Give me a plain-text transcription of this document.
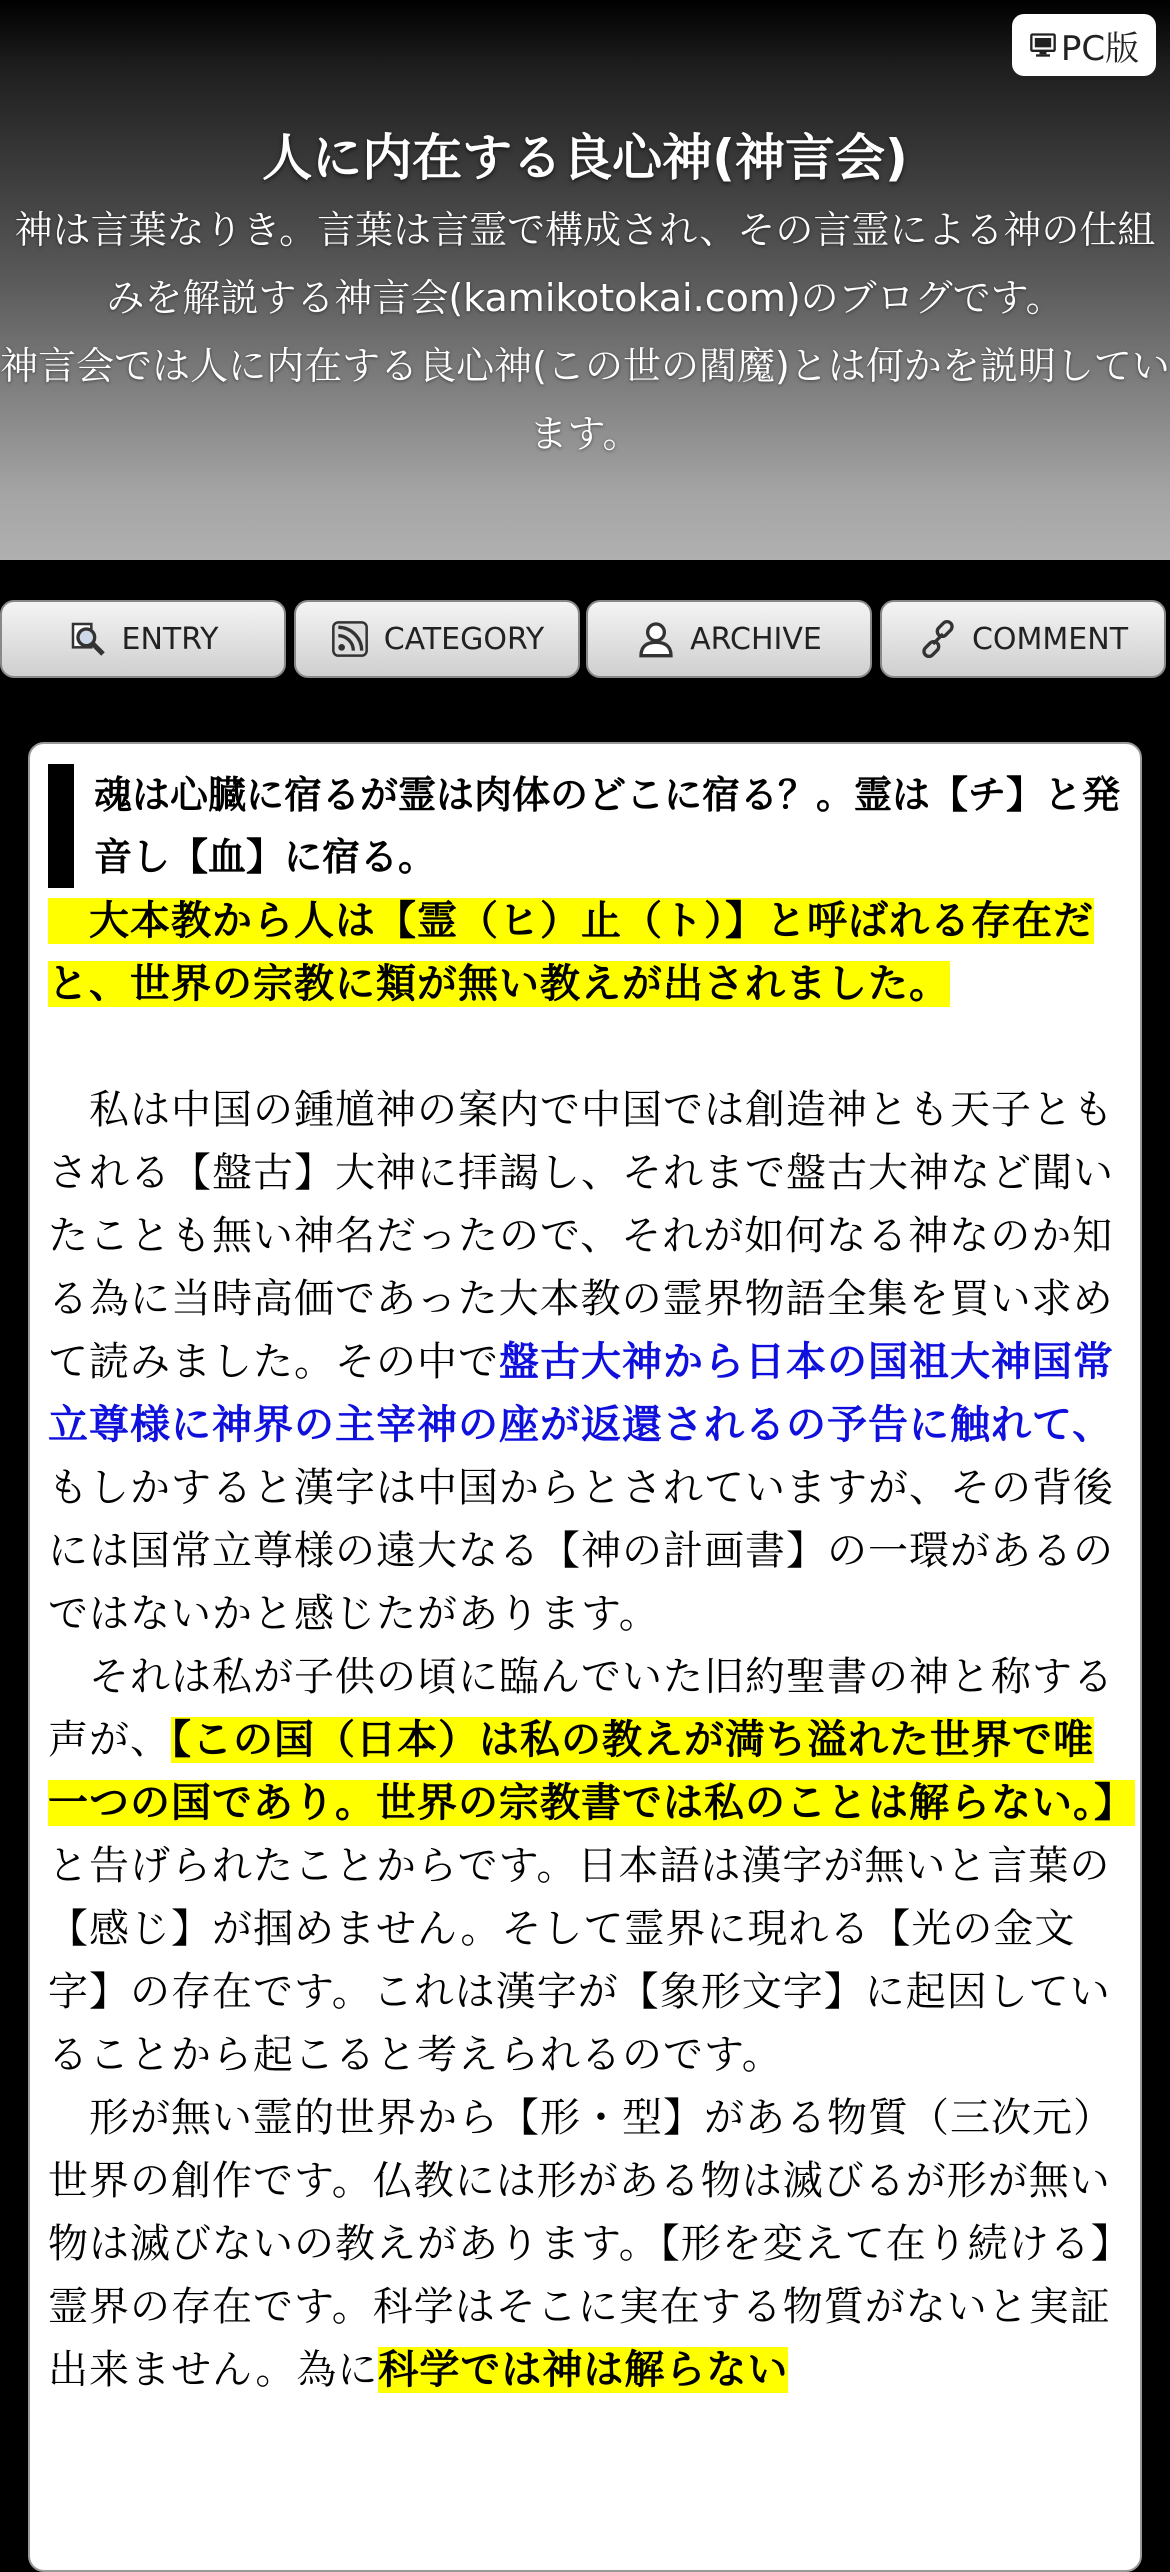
PC版
人に内在する良心神(神言会)
神は言葉なりき。言葉は言霊で構成され、その言霊による神の仕組みを解説する神言会(kamikotokai.com)のブログです。
神言会では人に内在する良心神(この世の閻魔)とは何かを説明しています。
ENTRY	CATEGORY	ARCHIVE	COMMENT
魂は心臓に宿るが霊は肉体のどこに宿る？。霊は【チ】と発音し【血】に宿る。
　大本教から人は【霊（ヒ）止（ト）】と呼ばれる存在だと、世界の宗教に類が無い教えが出されました。

　私は中国の鍾馗神の案内で中国では創造神とも天子ともされる【盤古】大神に拝謁し、それまで盤古大神など聞いたことも無い神名だったので、それが如何なる神なのか知る為に当時高価であった大本教の霊界物語全集を買い求めて読みました。その中で盤古大神から日本の国祖大神国常立尊様に神界の主宰神の座が返還されるの予告に触れて、もしかすると漢字は中国からとされていますが、その背後には国常立尊様の遠大なる【神の計画書】の一環があるのではないかと感じたがあります。

　それは私が子供の頃に臨んでいた旧約聖書の神と称する声が、【この国（日本）は私の教えが満ち溢れた世界で唯一つの国であり。世界の宗教書では私のことは解らない。】と告げられたことからです。日本語は漢字が無いと言葉の【感じ】が掴めません。そして霊界に現れる【光の金文字】の存在です。これは漢字が【象形文字】に起因していることから起こると考えられるのです。

　形が無い霊的世界から【形・型】がある物質（三次元）世界の創作です。仏教には形がある物は滅びるが形が無い物は滅びないの教えがあります。【形を変えて在り続ける】霊界の存在です。科学はそこに実在する物質がないと実証出来ません。為に科学では神は解らない
